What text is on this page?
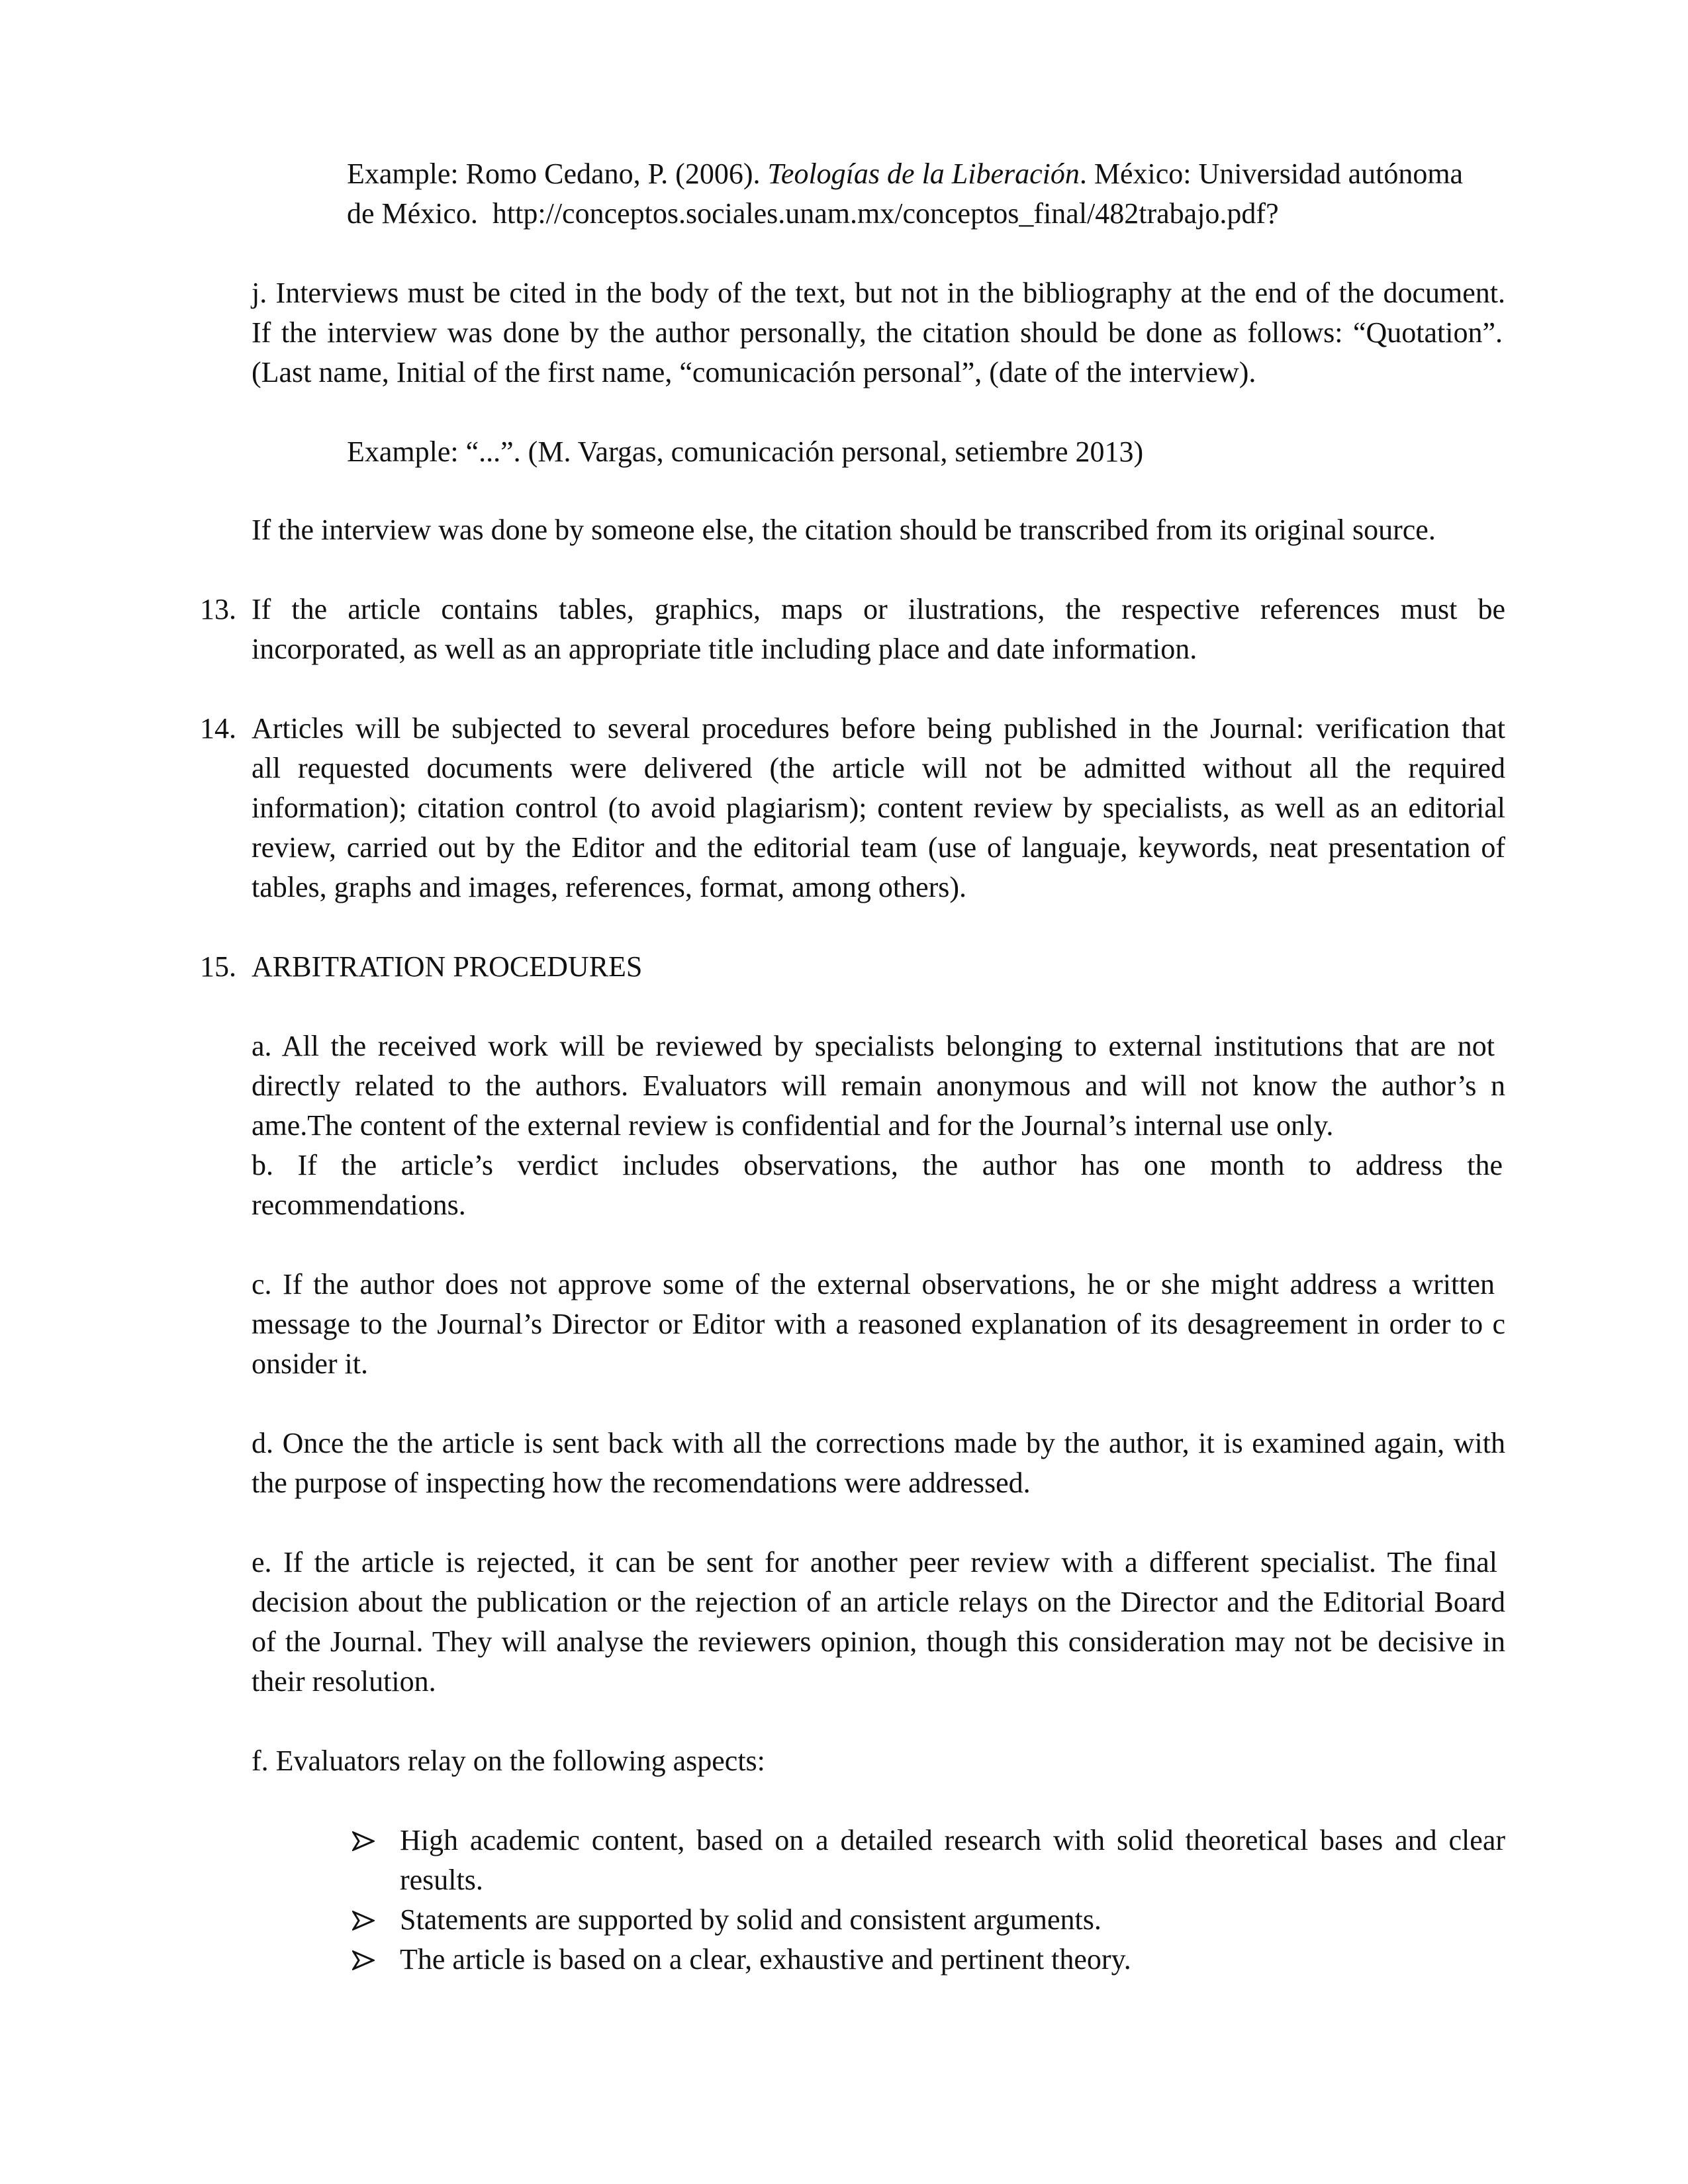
Example: Romo Cedano, P. (2006). Teologías de la Liberación. México: Universidad autónoma
de México.  http://conceptos.sociales.unam.mx/conceptos_final/482trabajo.pdf?
j. Interviews must be cited in the body of the text, but not in the bibliography at the end of the document.
If the interview was done by the author personally, the citation should be done as follows: “Quotation”.
(Last name, Initial of the first name, “comunicación personal”, (date of the interview).
Example: “...”. (M. Vargas, comunicación personal, setiembre 2013)
If the interview was done by someone else, the citation should be transcribed from its original source.
13. If the article contains tables, graphics, maps or ilustrations, the respective references must be
incorporated, as well as an appropriate title including place and date information.
14. Articles will be subjected to several procedures before being published in the Journal: verification that
all requested documents were delivered (the article will not be admitted without all the required
information); citation control (to avoid plagiarism); content review by specialists, as well as an editorial
review, carried out by the Editor and the editorial team (use of languaje, keywords, neat presentation of
tables, graphs and images, references, format, among others).
15. ARBITRATION PROCEDURES
a. All the received work will be reviewed by specialists belonging to external institutions that are not
directly related to the authors. Evaluators will remain anonymous and will not know the author’s n
ame.The content of the external review is confidential and for the Journal’s internal use only.
b. If the article’s verdict includes observations, the author has one month to address the
recommendations.
c. If the author does not approve some of the external observations, he or she might address a written
message to the Journal’s Director or Editor with a reasoned explanation of its desagreement in order to c
onsider it.
d. Once the the article is sent back with all the corrections made by the author, it is examined again, with
the purpose of inspecting how the recomendations were addressed.
e. If the article is rejected, it can be sent for another peer review with a different specialist. The final
decision about the publication or the rejection of an article relays on the Director and the Editorial Board
of the Journal. They will analyse the reviewers opinion, though this consideration may not be decisive in
their resolution.
f. Evaluators relay on the following aspects:
High academic content, based on a detailed research with solid theoretical bases and clear
results.
Statements are supported by solid and consistent arguments.
The article is based on a clear, exhaustive and pertinent theory.
